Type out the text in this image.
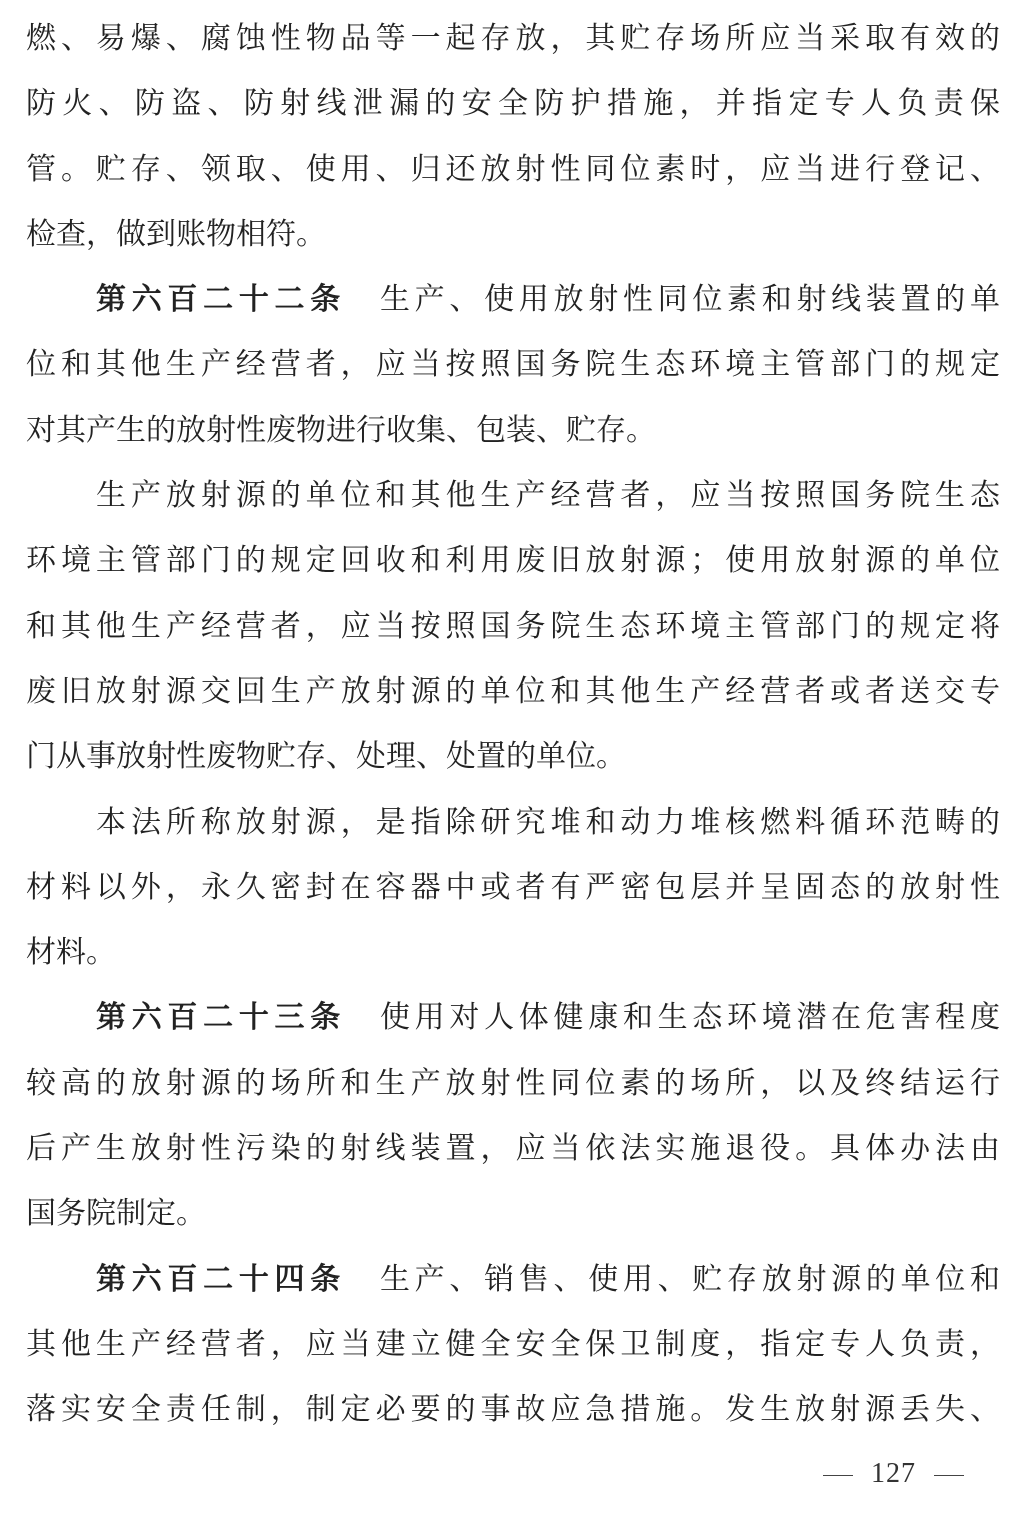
燃、易爆、腐蚀性物品等一起存放，其贮存场所应当采取有效的
防火、防盗、防射线泄漏的安全防护措施，并指定专人负责保
管。贮存、领取、使用、归还放射性同位素时，应当进行登记、
检查，做到账物相符。
第六百二十二条 生产、使用放射性同位素和射线装置的单
位和其他生产经营者，应当按照国务院生态环境主管部门的规定
对其产生的放射性废物进行收集、包装、贮存。
生产放射源的单位和其他生产经营者，应当按照国务院生态
环境主管部门的规定回收和利用废旧放射源；使用放射源的单位
和其他生产经营者，应当按照国务院生态环境主管部门的规定将
废旧放射源交回生产放射源的单位和其他生产经营者或者送交专
门从事放射性废物贮存、处理、处置的单位。
本法所称放射源，是指除研究堆和动力堆核燃料循环范畴的
材料以外，永久密封在容器中或者有严密包层并呈固态的放射性
材料。
第六百二十三条 使用对人体健康和生态环境潜在危害程度
较高的放射源的场所和生产放射性同位素的场所，以及终结运行
后产生放射性污染的射线装置，应当依法实施退役。具体办法由
国务院制定。
第六百二十四条 生产、销售、使用、贮存放射源的单位和
其他生产经营者，应当建立健全安全保卫制度，指定专人负责，
落实安全责任制，制定必要的事故应急措施。发生放射源丢失、
127
